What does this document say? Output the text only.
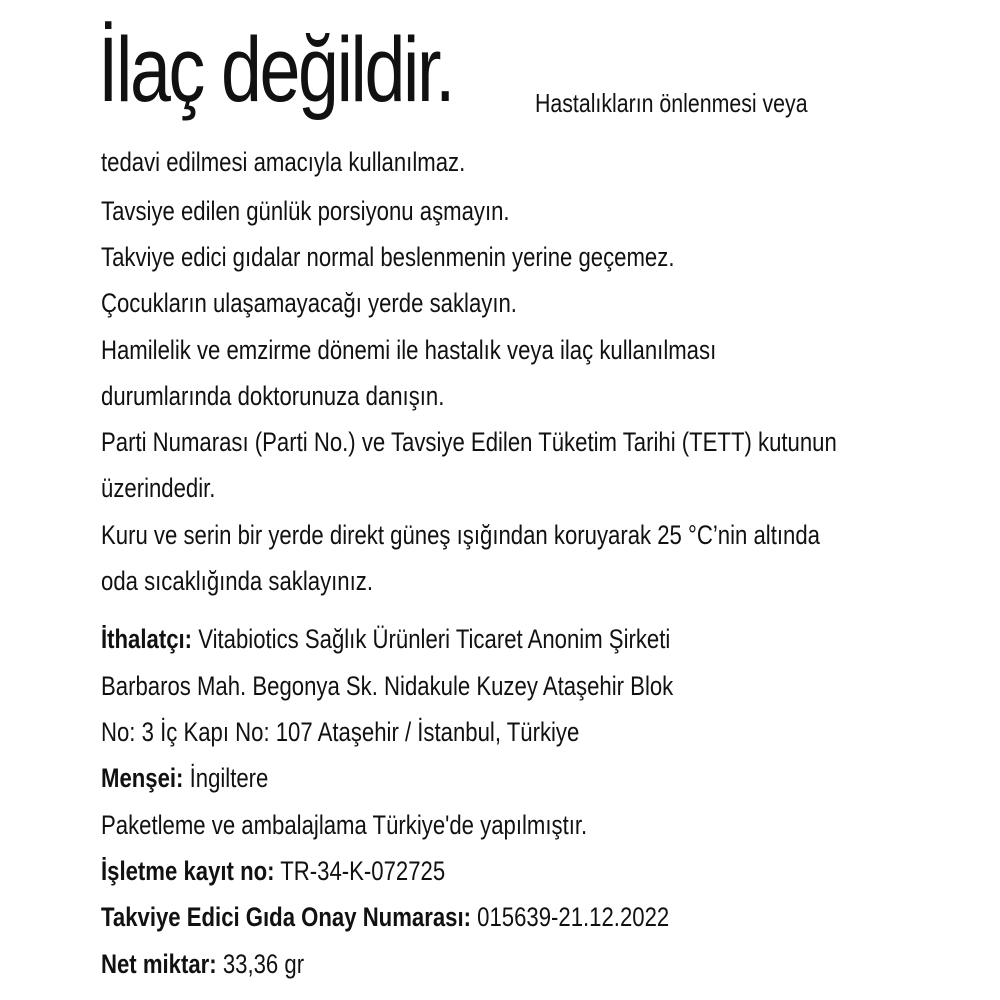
İlaç değildir.	Hastalıkların önlenmesi veya
tedavi edilmesi amacıyla kullanılmaz.
Tavsiye edilen günlük porsiyonu aşmayın.
Takviye edici gıdalar normal beslenmenin yerine geçemez.
Çocukların ulaşamayacağı yerde saklayın.
Hamilelik ve emzirme dönemi ile hastalık veya ilaç kullanılması
durumlarında doktorunuza danışın.
Parti Numarası (Parti No.) ve Tavsiye Edilen Tüketim Tarihi (TETT) kutunun
üzerindedir.
Kuru ve serin bir yerde direkt güneş ışığından koruyarak 25 °C’nin altında
oda sıcaklığında saklayınız.
İthalatçı: Vitabiotics Sağlık Ürünleri Ticaret Anonim Şirketi
Barbaros Mah. Begonya Sk. Nidakule Kuzey Ataşehir Blok
No: 3 İç Kapı No: 107 Ataşehir / İstanbul, Türkiye
Menşei: İngiltere
Paketleme ve ambalajlama Türkiye'de yapılmıştır.
İşletme kayıt no: TR-34-K-072725
Takviye Edici Gıda Onay Numarası: 015639-21.12.2022
Net miktar: 33,36 gr
